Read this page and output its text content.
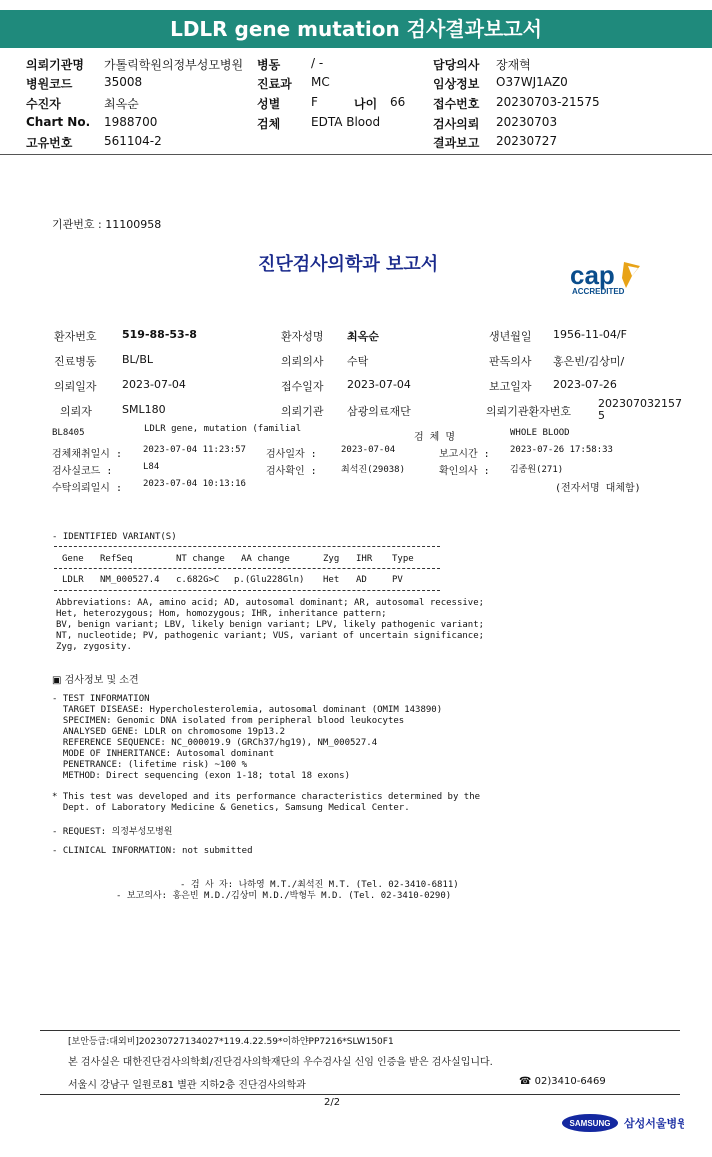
LDLR gene mutation 검사결과보고서
의뢰기관명 가톨릭학원의정부성모병원 병동	/ -	담당의사 장재혁
병원코드	35008	진료과 MC	임상정보 O37WJ1AZ0
수진자	최옥순	성별	F	나이 66 접수번호 20230703-21575
Chart No. 1988700	검체	EDTA Blood	검사의뢰 20230703
고유번호	561104-2	결과보고 20230727
기관번호 : 11100958
진단검사의학과 보고서	cap
ACCREDITED
환자번호 519-88-53-8	환자성명 최옥순	생년월일 1956-11-04/F
진료병동 BL/BL	의뢰의사 수탁	판독의사 홍은빈/김상미/
의뢰일자 2023-07-04	접수일자 2023-07-04	보고일자 2023-07-26
의뢰자	SML180	의뢰기관 삼광의료재단	의뢰기관환자번호
202307032157
5
BL8405	LDLR gene, mutation (familial
검 체 명	WHOLE BLOOD
검체채취일시 : 2023-07-04 11:23:57 검사일자 :	2023-07-04	보고시간 : 2023-07-26 17:58:33
검사실코드 :	L84	검사확인 :	최석진(29038)	확인의사 : 김종원(271)
수탁의뢰일시 : 2023-07-04 10:13:16	(전자서명 대체함)
- IDENTIFIED VARIANT(S)
Gene RefSeq	NT change AA change	Zyg IHR Type
LDLR NM_000527.4 c.682G>C p.(Glu228Gln) Het AD	PV
Abbreviations: AA, amino acid; AD, autosomal dominant; AR, autosomal recessive;
Het, heterozygous; Hom, homozygous; IHR, inheritance pattern;
BV, benign variant; LBV, likely benign variant; LPV, likely pathogenic variant;
NT, nucleotide; PV, pathogenic variant; VUS, variant of uncertain significance;
Zyg, zygosity.
▣ 검사정보 및 소견

- TEST INFORMATION

TARGET DISEASE: Hypercholesterolemia, autosomal dominant (OMIM 143890)

SPECIMEN: Genomic DNA isolated from peripheral blood leukocytes

ANALYSED GENE: LDLR on chromosome 19p13.2

REFERENCE SEQUENCE: NC_000019.9 (GRCh37/hg19), NM_000527.4

MODE OF INHERITANCE: Autosomal dominant

PENETRANCE: (lifetime risk) ~100 %

METHOD: Direct sequencing (exon 1-18; total 18 exons)

* This test was developed and its performance characteristics determined by the
Dept. of Laboratory Medicine & Genetics, Samsung Medical Center.
- REQUEST: 의정부성모병원
- CLINICAL INFORMATION: not submitted
- 검 사 자: 나하영 M.T./최석진 M.T. (Tel. 02-3410-6811)
- 보고의사: 홍은빈 M.D./김상미 M.D./박형두 M.D. (Tel. 02-3410-0290)
[보안등급:대외비]20230727134027*119.4.22.59*이하얀PP7216*SLW150F1
본 검사실은 대한진단검사의학회/진단검사의학재단의 우수검사실 신임 인증을 받은 검사실입니다.
서울시 강남구 일원로81 별관 지하2층 진단검사의학과	☎ 02)3410-6469
2/2
SAMSUNG 삼성서울병원
